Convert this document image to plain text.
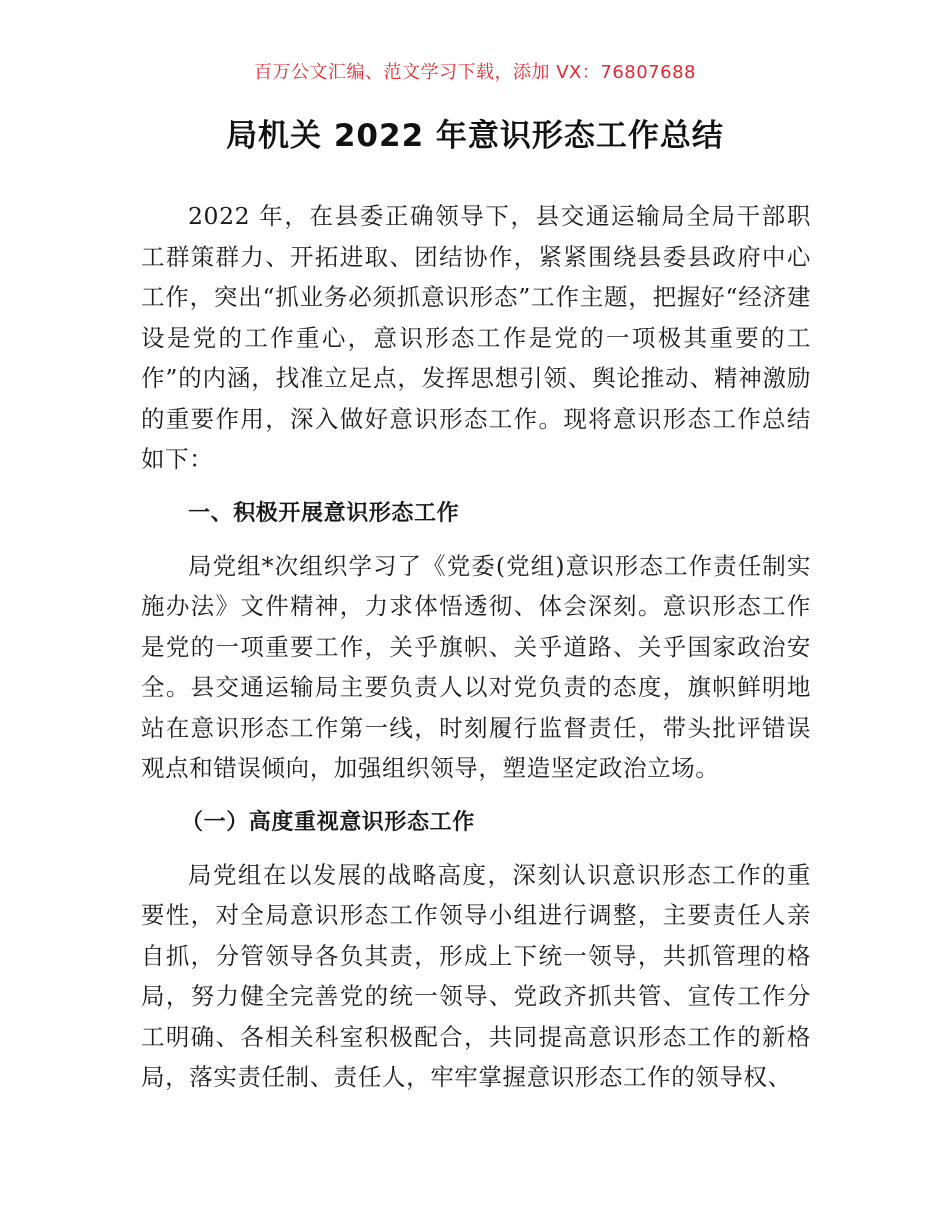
百万公文汇编、范文学习下载，添加 VX：76807688
局机关 2022 年意识形态工作总结

2022 年，在县委正确领导下，县交通运输局全局干部职工群策群力、开拓进取、团结协作，紧紧围绕县委县政府中心工作，突出“抓业务必须抓意识形态”工作主题，把握好“经济建设是党的工作重心，意识形态工作是党的一项极其重要的工作”的内涵，找准立足点，发挥思想引领、舆论推动、精神激励的重要作用，深入做好意识形态工作。现将意识形态工作总结如下：

一、积极开展意识形态工作

局党组*次组织学习了《党委(党组)意识形态工作责任制实施办法》文件精神，力求体悟透彻、体会深刻。意识形态工作是党的一项重要工作，关乎旗帜、关乎道路、关乎国家政治安全。县交通运输局主要负责人以对党负责的态度，旗帜鲜明地站在意识形态工作第一线，时刻履行监督责任，带头批评错误观点和错误倾向，加强组织领导，塑造坚定政治立场。

（一）高度重视意识形态工作

局党组在以发展的战略高度，深刻认识意识形态工作的重要性，对全局意识形态工作领导小组进行调整，主要责任人亲自抓，分管领导各负其责，形成上下统一领导，共抓管理的格局，努力健全完善党的统一领导、党政齐抓共管、宣传工作分工明确、各相关科室积极配合，共同提高意识形态工作的新格局，落实责任制、责任人，牢牢掌握意识形态工作的领导权、
